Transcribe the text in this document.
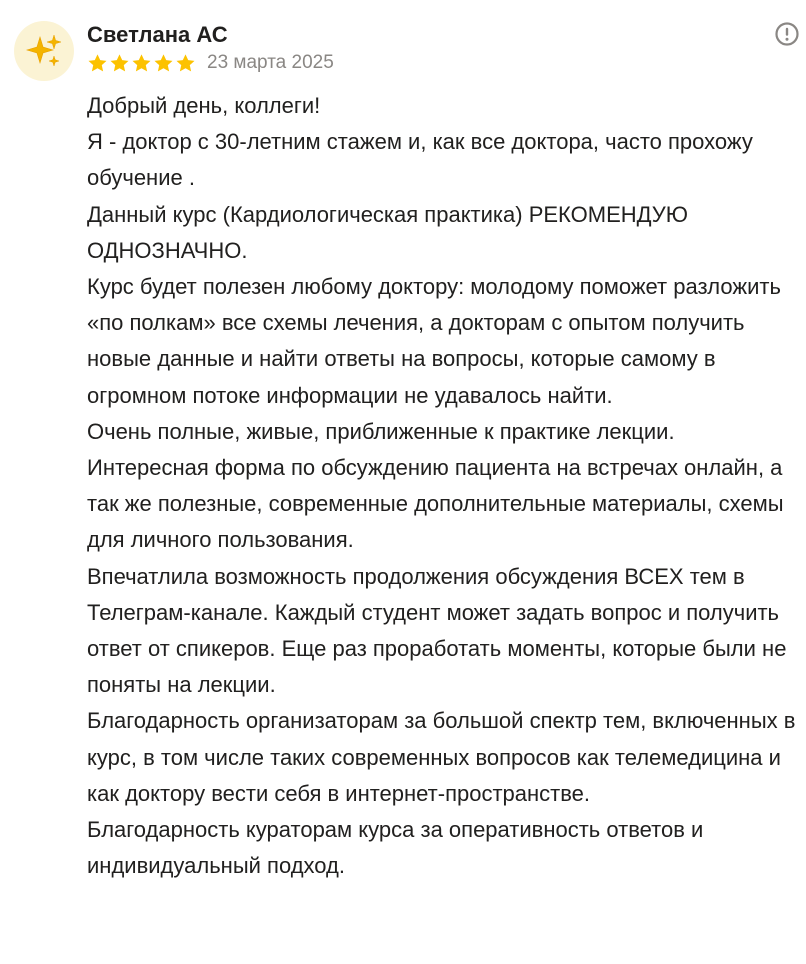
Светлана АС
23 марта 2025

Добрый день, коллеги!

Я - доктор с 30-летним стажем и, как все доктора, часто прохожу обучение .

Данный курс (Кардиологическая практика) РЕКОМЕНДУЮ ОДНОЗНАЧНО.

Курс будет полезен любому доктору: молодому поможет разложить «по полкам» все схемы лечения, а докторам с опытом получить новые данные и найти ответы на вопросы, которые самому в огромном потоке информации не удавалось найти.

Очень полные, живые, приближенные к практике лекции.

Интересная форма по обсуждению пациента на встречах онлайн, а так же полезные, современные дополнительные материалы, схемы для личного пользования.

Впечатлила возможность продолжения обсуждения ВСЕХ тем в Телеграм-канале. Каждый студент может задать вопрос и получить ответ от спикеров. Еще раз проработать моменты, которые были не поняты на лекции.

Благодарность организаторам за большой спектр тем, включенных в курс, в том числе таких современных вопросов как телемедицина и как доктору вести себя в интернет-пространстве.

Благодарность кураторам курса за оперативность ответов и индивидуальный подход.
